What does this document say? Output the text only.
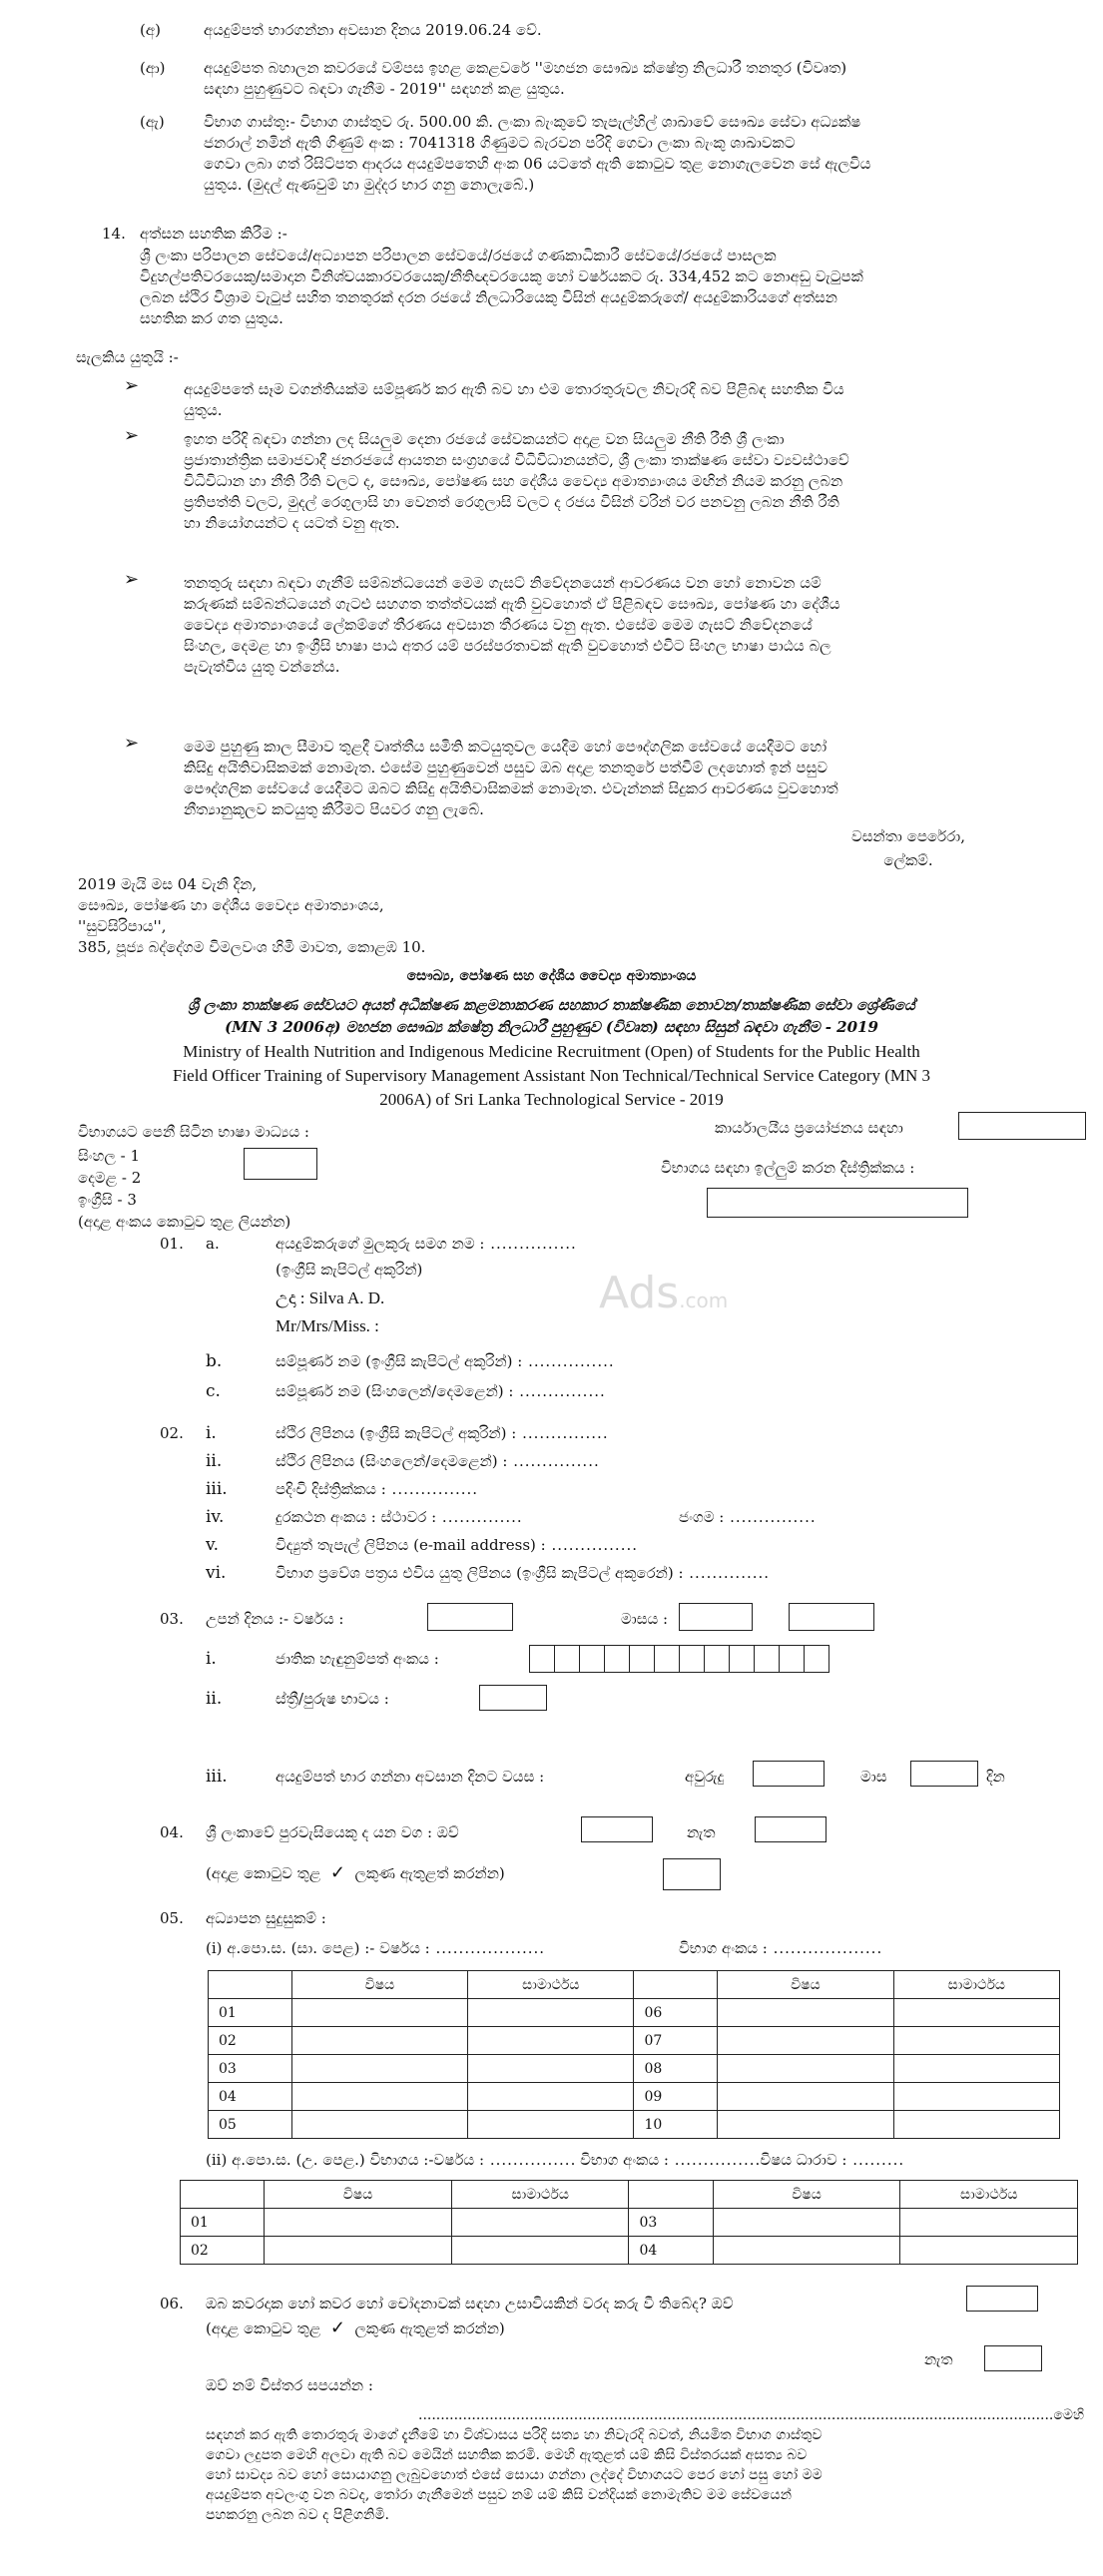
(අ)	අයදුම්පත් භාරගන්නා අවසාන දිනය 2019.06.24 වේ.
(ආ)	අයදුම්පත බහාලන කවරයේ වම්පස ඉහළ කෙළවරේ ''මහජන සෞඛ්‍ය ක්ෂේත්‍ර නිලධාරී තනතුර (විවෘත)
සඳහා පුහුණුවට බඳවා ගැනීම - 2019'' සඳහන් කළ යුතුය.
(ඇ)	විභාග ගාස්තු:- විභාග ගාස්තුව රු. 500.00 කි. ලංකා බැංකුවේ තැපැල්හිල් ශාඛාවේ සෞඛ්‍ය සේවා අධ්‍යක්ෂ
ජනරාල් නමින් ඇති ගිණුම් අංක : 7041318 ගිණුමට බැරවන පරිදි ගෙවා ලංකා බැංකු ශාඛාවකට
ගෙවා ලබා ගත් රිසිට්පත ආදරය අයදුම්පතෙහි අංක 06 යටතේ ඇති කොටුව තුළ නොගැලවෙන සේ ඇලවිය
යුතුය. (මුදල් ඇණවුම් හා මුද්දර භාර ගනු නොලැබේ.)
14. අත්සන සහතික කිරීම :-
ශ්‍රී ලංකා පරිපාලන සේවයේ/අධ්‍යාපන පරිපාලන සේවයේ/රජයේ ගණකාධිකාරී සේවයේ/රජයේ පාසලක
විදුහල්පතිවරයෙකු/සමාදාන විනිශ්චයකාරවරයෙකු/නීතිඥවරයෙකු හෝ වර්ෂයකට රු. 334,452 කට නොඅඩු වැටුපක්
ලබන ස්ථිර විශ්‍රාම වැටුප් සහිත තනතුරක් දරන රජයේ නිලධාරියෙකු විසින් අයදුම්කරුගේ/ අයදුම්කාරියගේ අත්සන
සහතික කර ගත යුතුය.
සැලකිය යුතුයි :-
➢	අයදුම්පතේ සෑම වගන්තියක්ම සම්පූර්ණ කර ඇති බව හා එම තොරතුරුවල නිවැරදි බව පිළිබඳ සහතික විය
යුතුය.
➢	ඉහත පරිදි බඳවා ගන්නා ලද සියලුම දෙනා රජයේ සේවකයන්ට අදාළ වන සියලුම නීති රීති ශ්‍රී ලංකා
ප්‍රජාතාන්ත්‍රික සමාජවාදී ජනරජයේ ආයතන සංග්‍රහයේ විධිවිධානයන්ට, ශ්‍රී ලංකා තාක්ෂණ සේවා ව්‍යවස්ථාවේ
විධිවිධාන හා නීති රීති වලට ද, සෞඛ්‍ය, පෝෂණ සහ දේශීය වෛද්‍ය අමාත්‍යාංශය මඟින් නියම කරනු ලබන
ප්‍රතිපත්ති වලට, මුදල් රෙගුලාසි හා වෙනත් රෙගුලාසි වලට ද රජය විසින් වරින් වර පනවනු ලබන නීති රීති
හා නියෝගයන්ට ද යටත් වනු ඇත.
➢	තනතුරු සඳහා බඳවා ගැනීම් සම්බන්ධයෙන් මෙම ගැසට් නිවේදනයෙන් ආවරණය වන හෝ නොවන යම්
කරුණක් සම්බන්ධයෙන් ගැටළු සහගත තත්ත්වයක් ඇති වුවහොත් ඒ පිළිබඳව සෞඛ්‍ය, පෝෂණ හා දේශීය
වෛද්‍ය අමාත්‍යාංශයේ ලේකම්ගේ තීරණය අවසාන තීරණය වනු ඇත. එසේම මෙම ගැසට් නිවේදනයේ
සිංහල, දෙමළ හා ඉංග්‍රීසි භාෂා පාඨ අතර යම් පරස්පරතාවක් ඇති වුවහොත් එවිට සිංහල භාෂා පාඨය බල
පැවැත්විය යුතු වන්නේය.
➢	මෙම පුහුණු කාල සීමාව තුළදී වෘත්තීය සමිති කටයුතුවල යෙදීම හෝ පෞද්ගලික සේවයේ යෙදීමට හෝ
කිසිදු අයිතිවාසිකමක් නොමැත. එසේම පුහුණුවෙන් පසුව ඔබ අදාළ තනතුරේ පත්වීම් ලදහොත් ඉන් පසුව
පෞද්ගලික සේවයේ යෙදීමට ඔබට කිසිදු අයිතිවාසිකමක් නොමැත. එවැන්නක් සිදුකර ආවරණය වුවහොත්
නීත්‍යානුකූලව කටයුතු කිරීමට පියවර ගනු ලැබේ.
වසන්තා පෙරේරා,
ලේකම්.
2019 මැයි මස 04 වැනි දින,
සෞඛ්‍ය, පෝෂණ හා දේශීය වෛද්‍ය අමාත්‍යාංශය,
''සුවසිරිපාය'',
385, පූජ්‍ය බද්දේගම විමලවංශ හිමි මාවත, කොළඹ 10.
සෞඛ්‍ය, පෝෂණ සහ දේශීය වෛද්‍ය අමාත්‍යාංශය
ශ්‍රී ලංකා තාක්ෂණ සේවයට අයත් අධීක්ෂණ කළමනාකරණ සහකාර තාක්ෂණික නොවන/තාක්ෂණික සේවා ශ්‍රේණියේ
(MN 3 2006අ) මහජන සෞඛ්‍ය ක්ෂේත්‍ර නිලධාරී පුහුණුව (විවෘත) සඳහා සිසුන් බඳවා ගැනීම - 2019
Ministry of Health Nutrition and Indigenous Medicine Recruitment (Open) of Students for the Public Health
Field Officer Training of Supervisory Management Assistant Non Technical/Technical Service Category (MN 3
2006A) of Sri Lanka Technological Service - 2019
විභාගයට පෙනී සිටින භාෂා මාධ්‍යය :
සිංහල - 1
දෙමළ - 2
ඉංග්‍රීසි - 3
(අදාළ අංකය කොටුව තුළ ලියන්න)
කාර්යාලයීය ප්‍රයෝජනය සඳහා
විභාගය සඳහා ඉල්ලුම් කරන දිස්ත්‍රික්කය :
01. a.	අයදුම්කරුගේ මුලකුරු සමග නම : ...............
(ඉංග්‍රීසි කැපිටල් අකුරින්)
උදා : Silva A. D.
Mr/Mrs/Miss. :
b.	සම්පූර්ණ නම (ඉංග්‍රීසි කැපිටල් අකුරින්) : ...............
c.	සම්පූර්ණ නම (සිංහලෙන්/දෙමළෙන්) : ...............
Ads.com
02. i.	ස්ථිර ලිපිනය (ඉංග්‍රීසි කැපිටල් අකුරින්) : ...............
ii.	ස්ථිර ලිපිනය (සිංහලෙන්/දෙමළෙන්) : ...............
iii.	පදිංචි දිස්ත්‍රික්කය : ...............
iv.	දුරකථන අංකය : ස්ථාවර : ..............	ජංගම : ...............
v.	විද්‍යුත් තැපැල් ලිපිනය (e-mail address) : ...............
vi.	විභාග ප්‍රවේශ පත්‍රය එවිය යුතු ලිපිනය (ඉංග්‍රීසි කැපිටල් අකුරෙන්) : ..............
03. උපන් දිනය :- වර්ෂය :	මාසය :
i.	ජාතික හැඳුනුම්පත් අංකය :
ii.	ස්ත්‍රී/පුරුෂ භාවය :
iii.	අයදුම්පත් භාර ගන්නා අවසාන දිනට වයස :	අවුරුදු	මාස	දින
04. ශ්‍රී ලංකාවේ පුරවැසියෙකු ද යන වග : ඔව්	නැත
(අදාළ කොටුව තුළ ✓ ලකුණ ඇතුළත් කරන්න)
05. අධ්‍යාපන සුදුසුකම් :
(i) අ.පො.ස. (සා. පෙළ) :- වර්ෂය : ...................	විභාග අංකය : ...................
	විෂය	සාමාර්ථය		විෂය	සාමාර්ථය
01			06		
02			07		
03			08		
04			09		
05			10		
(ii) අ.පො.ස. (උ. පෙළ.) විභාගය :-වර්ෂය : ............... විභාග අංකය : ...............විෂය ධාරාව : .........
	විෂය	සාමාර්ථය		විෂය	සාමාර්ථය
01			03		
02			04		
06. ඔබ කවරදාක හෝ කවර හෝ චෝදනාවක් සඳහා උසාවියකින් වරද කරු වී තිබේද? ඔව්
(අදාළ කොටුව තුළ ✓ ලකුණ ඇතුළත් කරන්න)
නැත
ඔව් නම් විස්තර සපයන්න :
...............................................................................................................................................මෙහි
සඳහන් කර ඇති තොරතුරු මාගේ දැනීමේ හා විශ්වාසය පරිදි සත්‍ය හා නිවැරදි බවත්, නියමිත විභාග ගාස්තුව
ගෙවා ලදුපත මෙහි අලවා ඇති බව මෙයින් සහතික කරමි. මෙහි ඇතුළත් යම් කිසි විස්තරයක් අසත්‍ය බව
හෝ සාවද්‍ය බව හෝ සොයාගනු ලැබුවහොත් එසේ සොයා ගන්නා ලද්දේ විභාගයට පෙර හෝ පසු හෝ මම
අයදුම්පත අවලංගු වන බවද, තෝරා ගැනීමෙන් පසුව නම් යම් කිසි වන්දියක් නොමැතිව මම සේවයෙන්
පහකරනු ලබන බව ද පිළිගනිමි.
